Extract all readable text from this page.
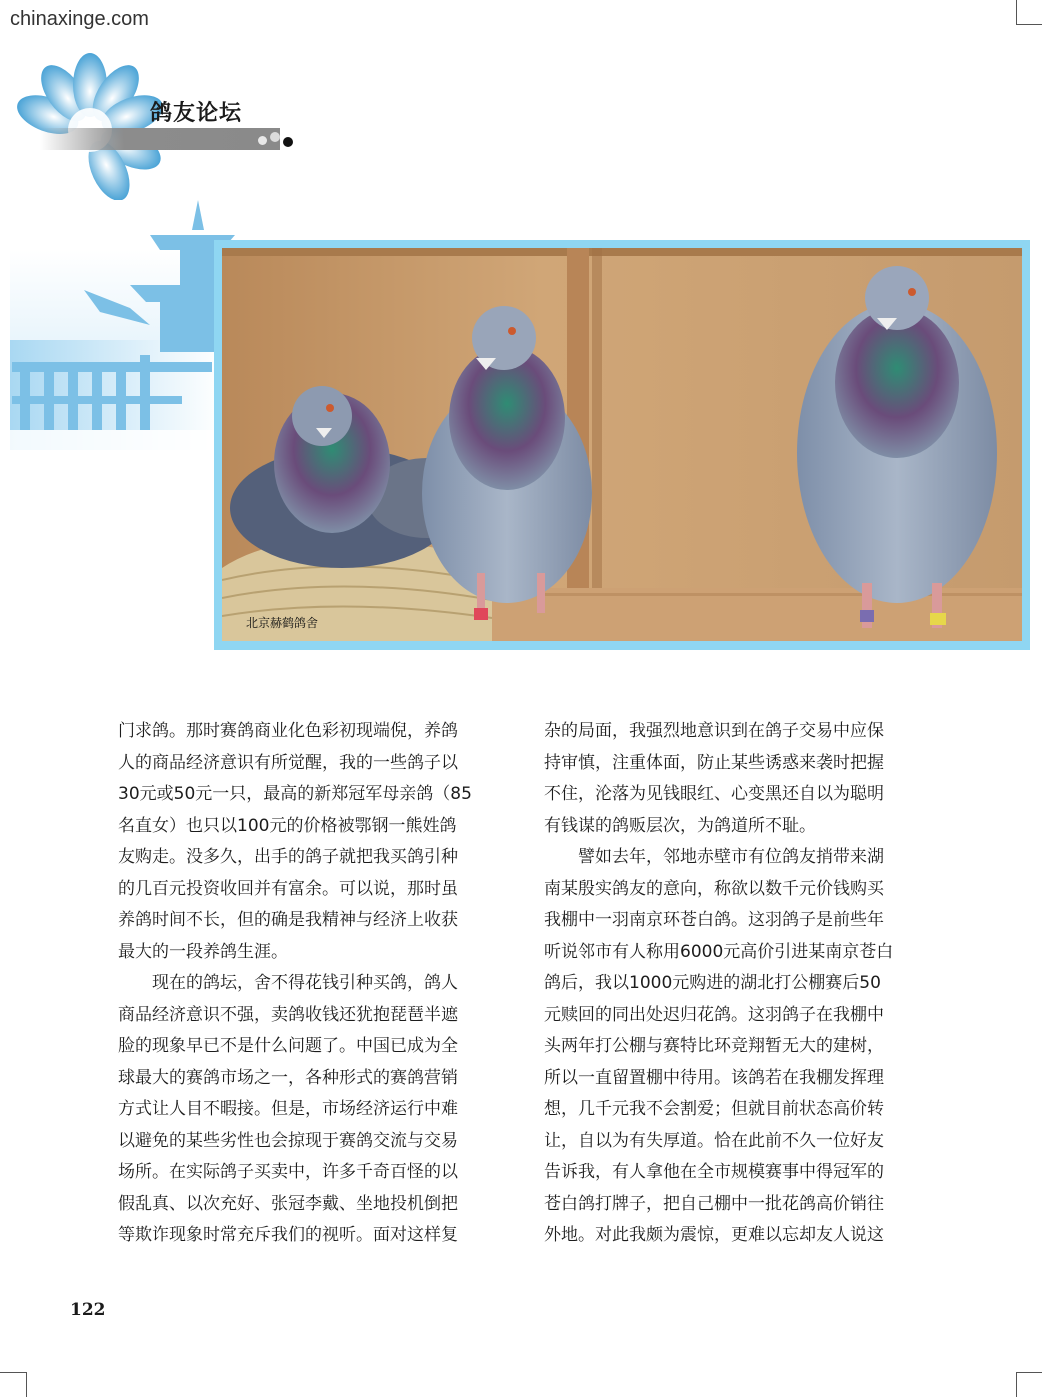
chinaxinge.com
鸽友论坛
北京赫鹤鸽舍
门求鸽。那时赛鸽商业化色彩初现端倪，养鸽
人的商品经济意识有所觉醒，我的一些鸽子以
30元或50元一只，最高的新郑冠军母亲鸽（85
名直女）也只以100元的价格被鄂钢一熊姓鸽
友购走。没多久，出手的鸽子就把我买鸽引种
的几百元投资收回并有富余。可以说，那时虽
养鸽时间不长，但的确是我精神与经济上收获
最大的一段养鸽生涯。
　　现在的鸽坛，舍不得花钱引种买鸽，鸽人
商品经济意识不强，卖鸽收钱还犹抱琵琶半遮
脸的现象早已不是什么问题了。中国已成为全
球最大的赛鸽市场之一，各种形式的赛鸽营销
方式让人目不暇接。但是，市场经济运行中难
以避免的某些劣性也会掠现于赛鸽交流与交易
场所。在实际鸽子买卖中，许多千奇百怪的以
假乱真、以次充好、张冠李戴、坐地投机倒把
等欺诈现象时常充斥我们的视听。面对这样复
杂的局面，我强烈地意识到在鸽子交易中应保
持审慎，注重体面，防止某些诱惑来袭时把握
不住，沦落为见钱眼红、心变黑还自以为聪明
有钱谋的鸽贩层次，为鸽道所不耻。
　　譬如去年，邻地赤壁市有位鸽友捎带来湖
南某殷实鸽友的意向，称欲以数千元价钱购买
我棚中一羽南京环苍白鸽。这羽鸽子是前些年
听说邻市有人称用6000元高价引进某南京苍白
鸽后，我以1000元购进的湖北打公棚赛后50
元赎回的同出处迟归花鸽。这羽鸽子在我棚中
头两年打公棚与赛特比环竞翔暂无大的建树，
所以一直留置棚中待用。该鸽若在我棚发挥理
想，几千元我不会割爱；但就目前状态高价转
让，自以为有失厚道。恰在此前不久一位好友
告诉我，有人拿他在全市规模赛事中得冠军的
苍白鸽打牌子，把自己棚中一批花鸽高价销往
外地。对此我颇为震惊，更难以忘却友人说这
122
